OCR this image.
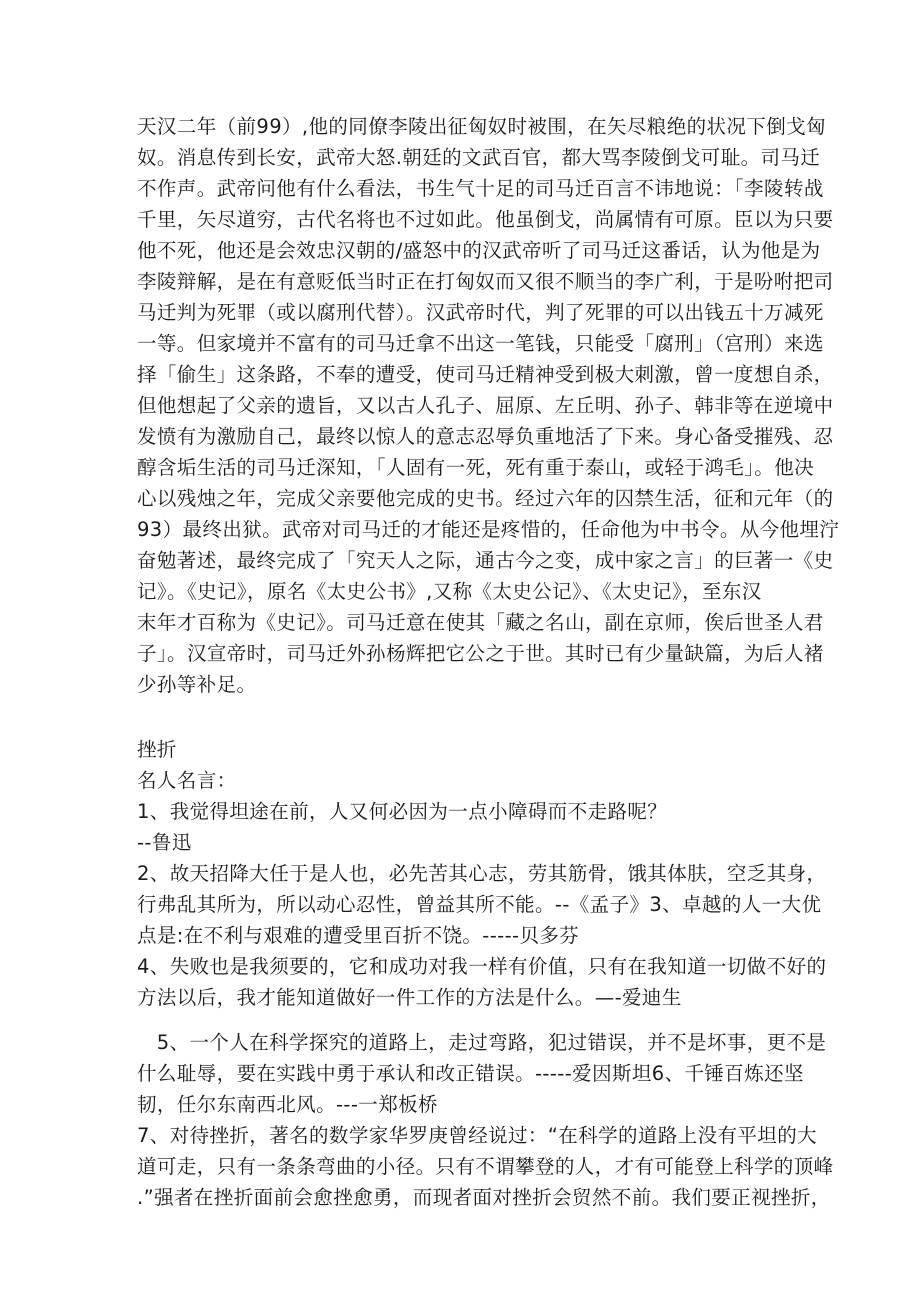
天汉二年（前99）,他的同僚李陵出征匈奴时被围，在矢尽粮绝的状况下倒戈匈
奴。消息传到长安，武帝大怒.朝廷的文武百官，都大骂李陵倒戈可耻。司马迁
不作声。武帝问他有什么看法，书生气十足的司马迁百言不讳地说：「李陵转战
千里，矢尽道穷，古代名将也不过如此。他虽倒戈，尚属情有可原。臣以为只要
他不死，他还是会效忠汉朝的/盛怒中的汉武帝听了司马迁这番话，认为他是为
李陵辩解，是在有意贬低当时正在打匈奴而又很不顺当的李广利，于是吩咐把司
马迁判为死罪（或以腐刑代替）。汉武帝时代，判了死罪的可以出钱五十万减死
一等。但家境并不富有的司马迁拿不出这一笔钱，只能受「腐刑」（宫刑）来选
择「偷生」这条路，不奉的遭受，使司马迁精神受到极大刺激，曾一度想自杀，
但他想起了父亲的遗旨，又以古人孔子、屈原、左丘明、孙子、韩非等在逆境中
发愤有为激励自己，最终以惊人的意志忍辱负重地活了下来。身心备受摧残、忍
醇含垢生活的司马迁深知，「人固有一死，死有重于泰山，或轻于鸿毛」。他决
心以残烛之年，完成父亲要他完成的史书。经过六年的囚禁生活，征和元年（的
93）最终出狱。武帝对司马迁的才能还是疼惜的，任命他为中书令。从今他埋泞
奋勉著述，最终完成了「究天人之际，通古今之变，成中家之言」的巨著一《史
记》。《史记》，原名《太史公书》,又称《太史公记》、《太史记》，至东汉
末年才百称为《史记》。司马迁意在使其「藏之名山，副在京师，俟后世圣人君
子」。汉宣帝时，司马迁外孙杨辉把它公之于世。其时已有少量缺篇，为后人褚
少孙等补足。
挫折
名人名言：
1、我觉得坦途在前，人又何必因为一点小障碍而不走路呢？
--鲁迅
2、故天招降大任于是人也，必先苦其心志，劳其筋骨，饿其体肤，空乏其身，
行弗乱其所为，所以动心忍性，曾益其所不能。--《孟子》3、卓越的人一大优
点是:在不利与艰难的遭受里百折不饶。-----贝多芬
4、失败也是我须要的，它和成功对我一样有价值，只有在我知道一切做不好的
方法以后，我才能知道做好一件工作的方法是什么。—-爱迪生
5、一个人在科学探究的道路上，走过弯路，犯过错误，并不是坏事，更不是
什么耻辱，要在实践中勇于承认和改正错误。-----爱因斯坦6、千锤百炼还坚
韧，任尔东南西北风。---一郑板桥
7、对待挫折，著名的数学家华罗庚曾经说过：“在科学的道路上没有平坦的大
道可走，只有一条条弯曲的小径。只有不谓攀登的人，才有可能登上科学的顶峰
.”强者在挫折面前会愈挫愈勇，而现者面对挫折会贸然不前。我们要正视挫折，
